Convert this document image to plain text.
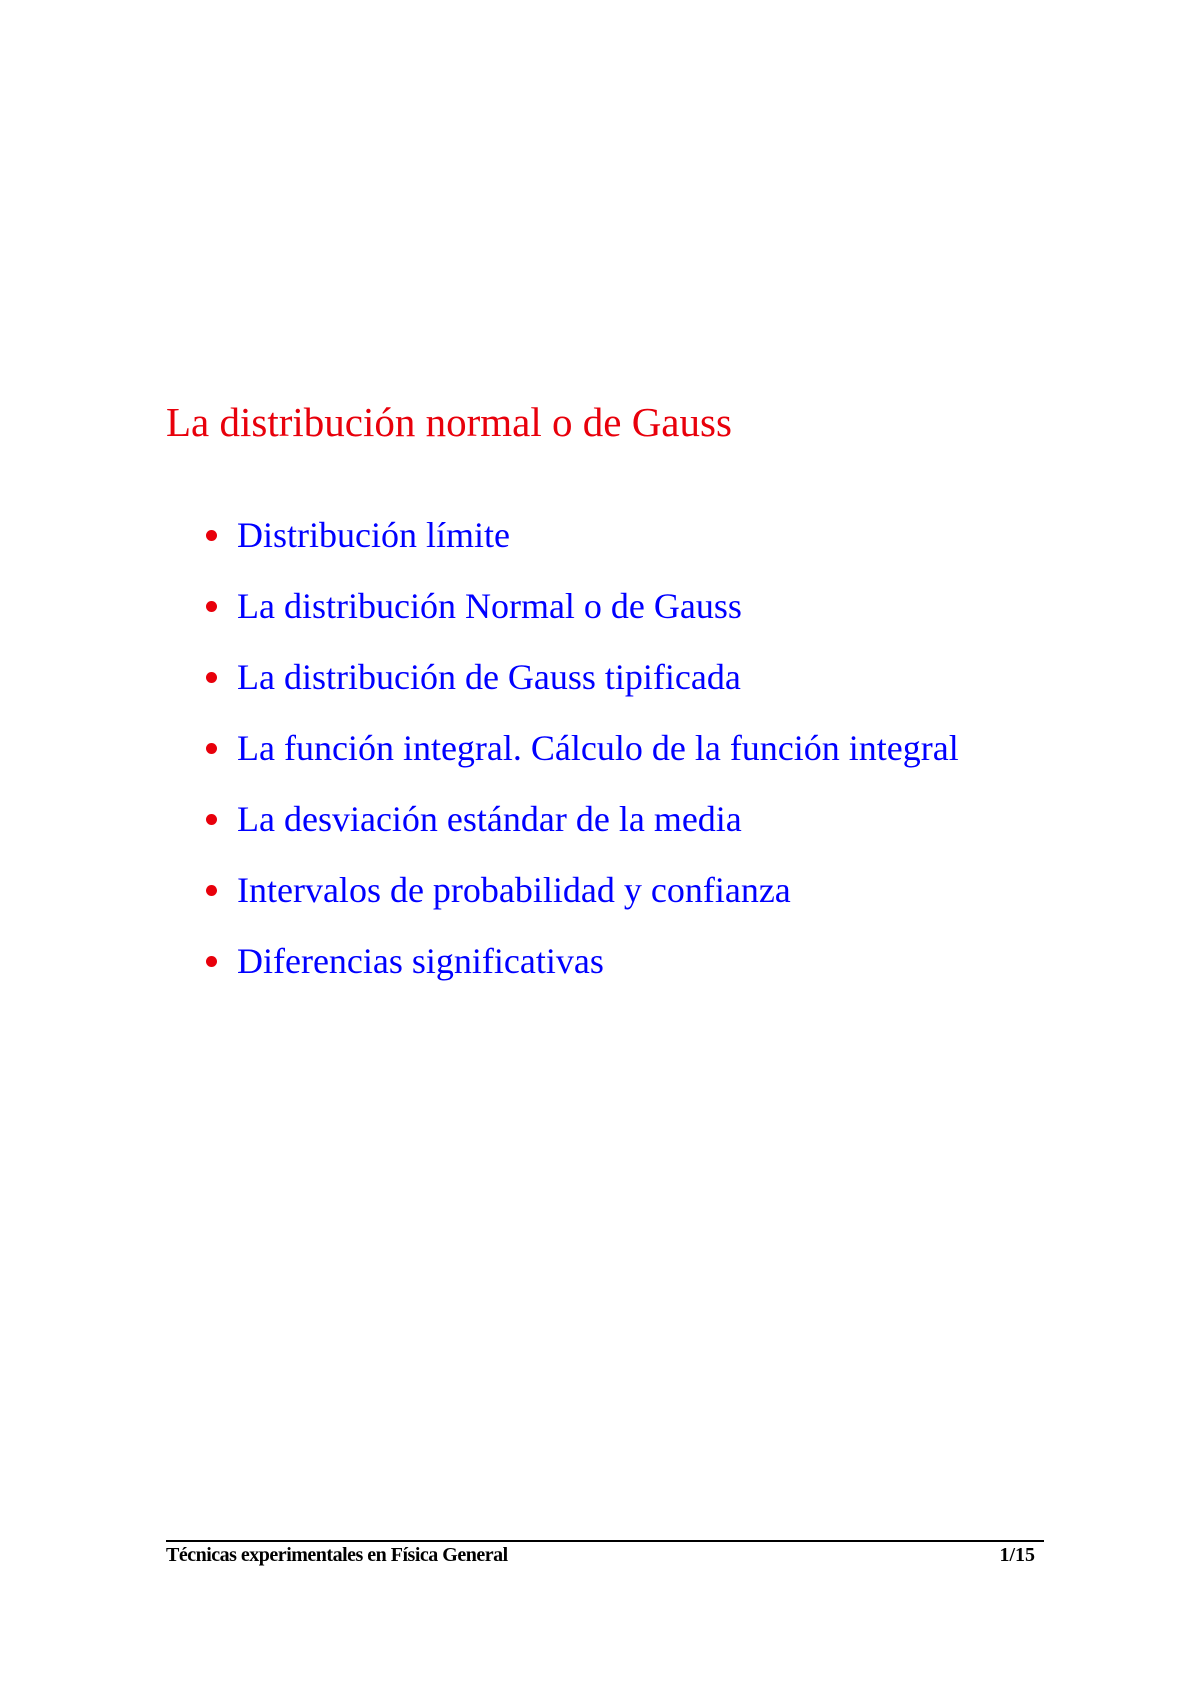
La distribución normal o de Gauss
Distribución límite
La distribución Normal o de Gauss
La distribución de Gauss tipificada
La función integral. Cálculo de la función integral
La desviación estándar de la media
Intervalos de probabilidad y confianza
Diferencias significativas
Técnicas experimentales en Física General	1/15
